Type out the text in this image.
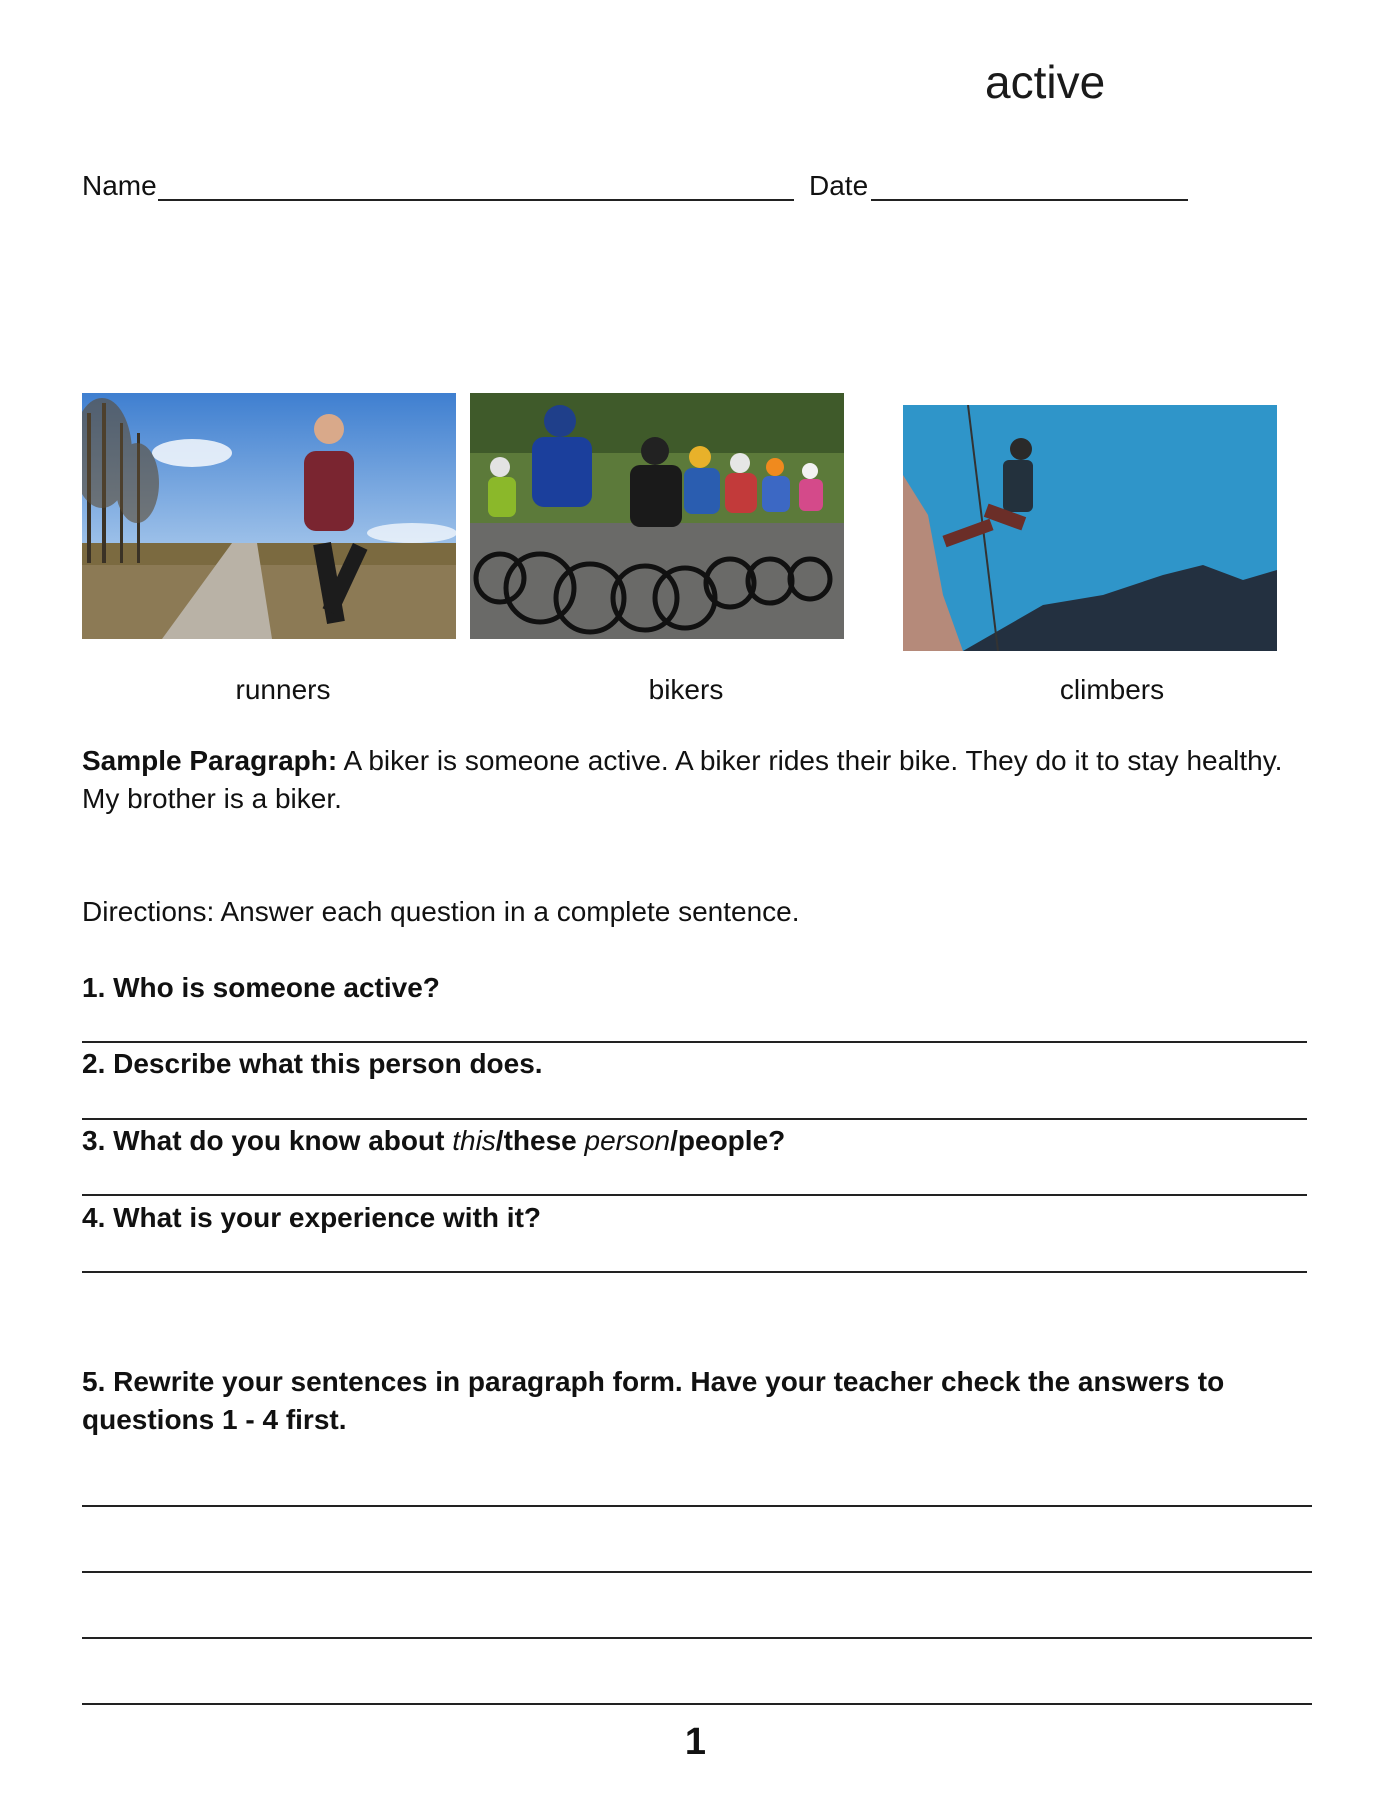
active
Name	Date
runners	bikers	climbers
Sample Paragraph: A biker is someone active. A biker rides their bike. They do it to stay healthy. My brother is a biker.
Directions: Answer each question in a complete sentence.
1. Who is someone active?
2. Describe what this person does.
3. What do you know about this/these person/people?
4. What is your experience with it?
5. Rewrite your sentences in paragraph form. Have your teacher check the answers to questions 1 - 4 first.
1
